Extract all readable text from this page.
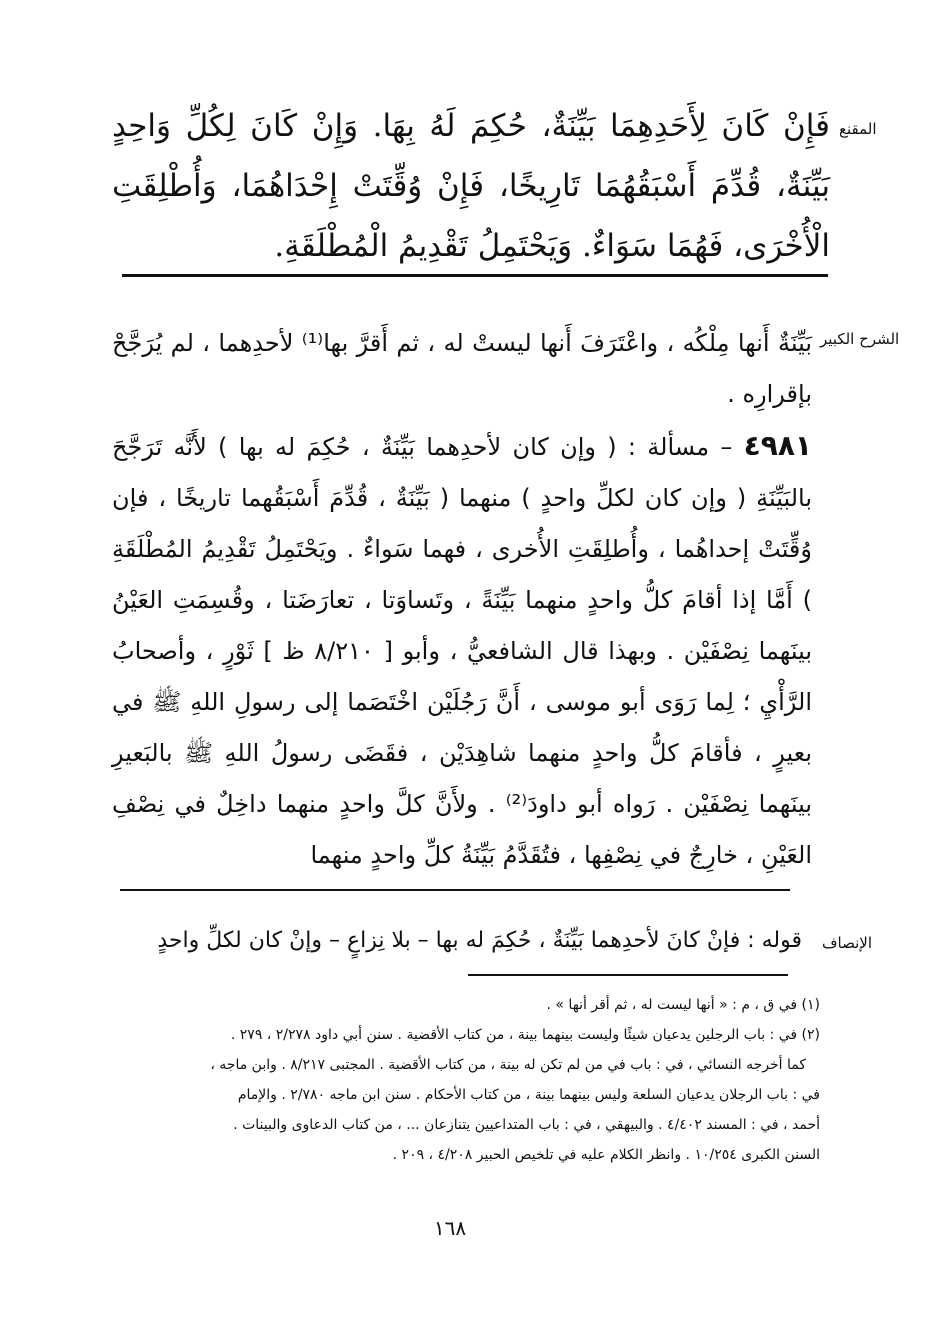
المقنع

فَإِنْ كَانَ لِأَحَدِهِمَا بَيِّنَةٌ، حُكِمَ لَهُ بِهَا. وَإِنْ كَانَ لِكُلِّ وَاحِدٍ بَيِّنَةٌ، قُدِّمَ أَسْبَقُهُمَا تَارِيخًا، فَإِنْ وُقِّتَتْ إِحْدَاهُمَا، وَأُطْلِقَتِ الْأُخْرَى، فَهُمَا سَوَاءٌ. وَيَحْتَمِلُ تَقْدِيمُ الْمُطْلَقَةِ.

الشرح الكبير

بَيِّنَةٌ أَنها مِلْكُه ، واعْتَرَفَ أَنها ليستْ له ، ثم أَقرَّ بها⁽¹⁾ لأحدِهما ، لم يُرَجَّحْ بإقرارِه .

٤٩٨١ – مسألة : ( وإن كان لأحدِهما بَيِّنَةٌ ، حُكِمَ له بها ) لأَنَّه تَرَجَّحَ بالبَيِّنَةِ ( وإن كان لكلِّ واحدٍ ) منهما ( بَيِّنَةٌ ، قُدِّمَ أَسْبَقُهما تاريخًا ، فإن وُقِّتَتْ إحداهُما ، وأُطلِقَتِ الأُخرى ، فهما سَواءٌ . ويَحْتَمِلُ تَقْدِيمُ المُطْلَقَةِ ) أَمَّا إذا أقامَ كلُّ واحدٍ منهما بَيِّنَةً ، وتَساوَتا ، تعارَضَتا ، وقُسِمَتِ العَيْنُ بينَهما نِصْفَيْن . وبهذا قال الشافعيُّ ، وأبو [ ٨/٢١٠ ظ ] ثَوْرٍ ، وأصحابُ الرَّأْيِ ؛ لِما رَوَى أبو موسى ، أَنَّ رَجُلَيْن اخْتَصَما إلى رسولِ اللهِ ﷺ في بعيرٍ ، فأقامَ كلُّ واحدٍ منهما شاهِدَيْن ، فقَضَى رسولُ اللهِ ﷺ بالبَعيرِ بينَهما نِصْفَيْن . رَواه أبو داودَ⁽²⁾ . ولأَنَّ كلَّ واحدٍ منهما داخِلٌ في نِصْفِ العَيْنِ ، خارِجٌ في نِصْفِها ، فتُقَدَّمُ بَيِّنَةُ كلِّ واحدٍ منهما

الإنصاف

قوله : فإنْ كانَ لأحدِهما بَيِّنَةٌ ، حُكِمَ له بها – بلا نِزاعٍ – وإنْ كان لكلِّ واحدٍ

(١) في ق ، م : « أنها ليست له ، ثم أقر أنها » .

(٢) في : باب الرجلين يدعيان شيئًا وليست بينهما بينة ، من كتاب الأقضية . سنن أبي داود ٢/٢٧٨ ، ٢٧٩ .

كما أخرجه النسائي ، في : باب في من لم تكن له بينة ، من كتاب الأقضية . المجتبى ٨/٢١٧ . وابن ماجه ،

في : باب الرجلان يدعيان السلعة وليس بينهما بينة ، من كتاب الأحكام . سنن ابن ماجه ٢/٧٨٠ . والإمام

أحمد ، في : المسند ٤/٤٠٢ . والبيهقي ، في : باب المتداعيين يتنازعان ... ، من كتاب الدعاوى والبينات .

السنن الكبرى ١٠/٢٥٤ . وانظر الكلام عليه في تلخيص الحبير ٤/٢٠٨ ، ٢٠٩ .

١٦٨
